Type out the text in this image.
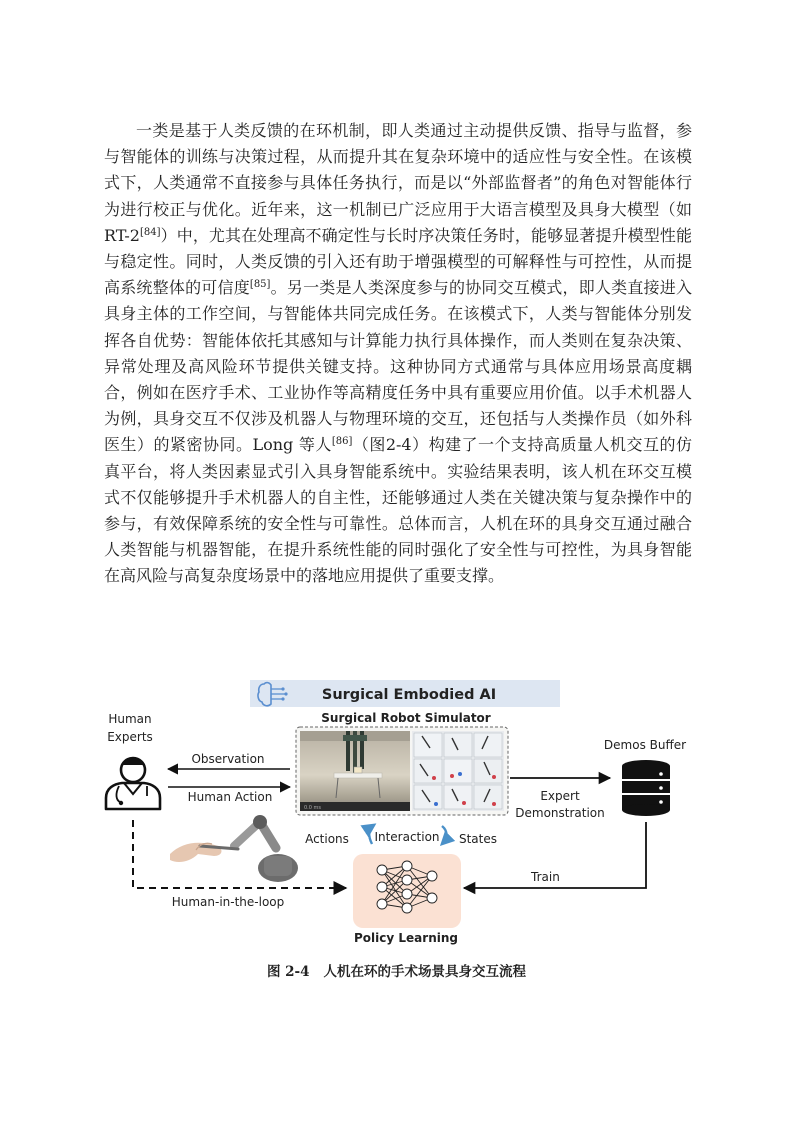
一类是基于人类反馈的在环机制，即人类通过主动提供反馈、指导与监督，参与智能体的训练与决策过程，从而提升其在复杂环境中的适应性与安全性。在该模式下，人类通常不直接参与具体任务执行，而是以“外部监督者”的角色对智能体行为进行校正与优化。近年来，这一机制已广泛应用于大语言模型及具身大模型（如 RT-2[84]）中，尤其在处理高不确定性与长时序决策任务时，能够显著提升模型性能与稳定性。同时，人类反馈的引入还有助于增强模型的可解释性与可控性，从而提高系统整体的可信度[85]。另一类是人类深度参与的协同交互模式，即人类直接进入具身主体的工作空间，与智能体共同完成任务。在该模式下，人类与智能体分别发挥各自优势：智能体依托其感知与计算能力执行具体操作，而人类则在复杂决策、异常处理及高风险环节提供关键支持。这种协同方式通常与具体应用场景高度耦合，例如在医疗手术、工业协作等高精度任务中具有重要应用价值。以手术机器人为例，具身交互不仅涉及机器人与物理环境的交互，还包括与人类操作员（如外科医生）的紧密协同。Long 等人[86]（图2-4）构建了一个支持高质量人机交互的仿真平台，将人类因素显式引入具身智能系统中。实验结果表明，该人机在环交互模式不仅能够提升手术机器人的自主性，还能够通过人类在关键决策与复杂操作中的参与，有效保障系统的安全性与可靠性。总体而言，人机在环的具身交互通过融合人类智能与机器智能，在提升系统性能的同时强化了安全性与可控性，为具身智能在高风险与高复杂度场景中的落地应用提供了重要支撑。

Surgical Embodied AI
Surgical Robot Simulator
0.0 ms
Human
Experts
Observation
Human Action	Expert
Demonstration
Demos Buffer
Train
Actions Interaction States
Policy Learning
Human-in-the-loop
图 2-4 人机在环的手术场景具身交互流程
